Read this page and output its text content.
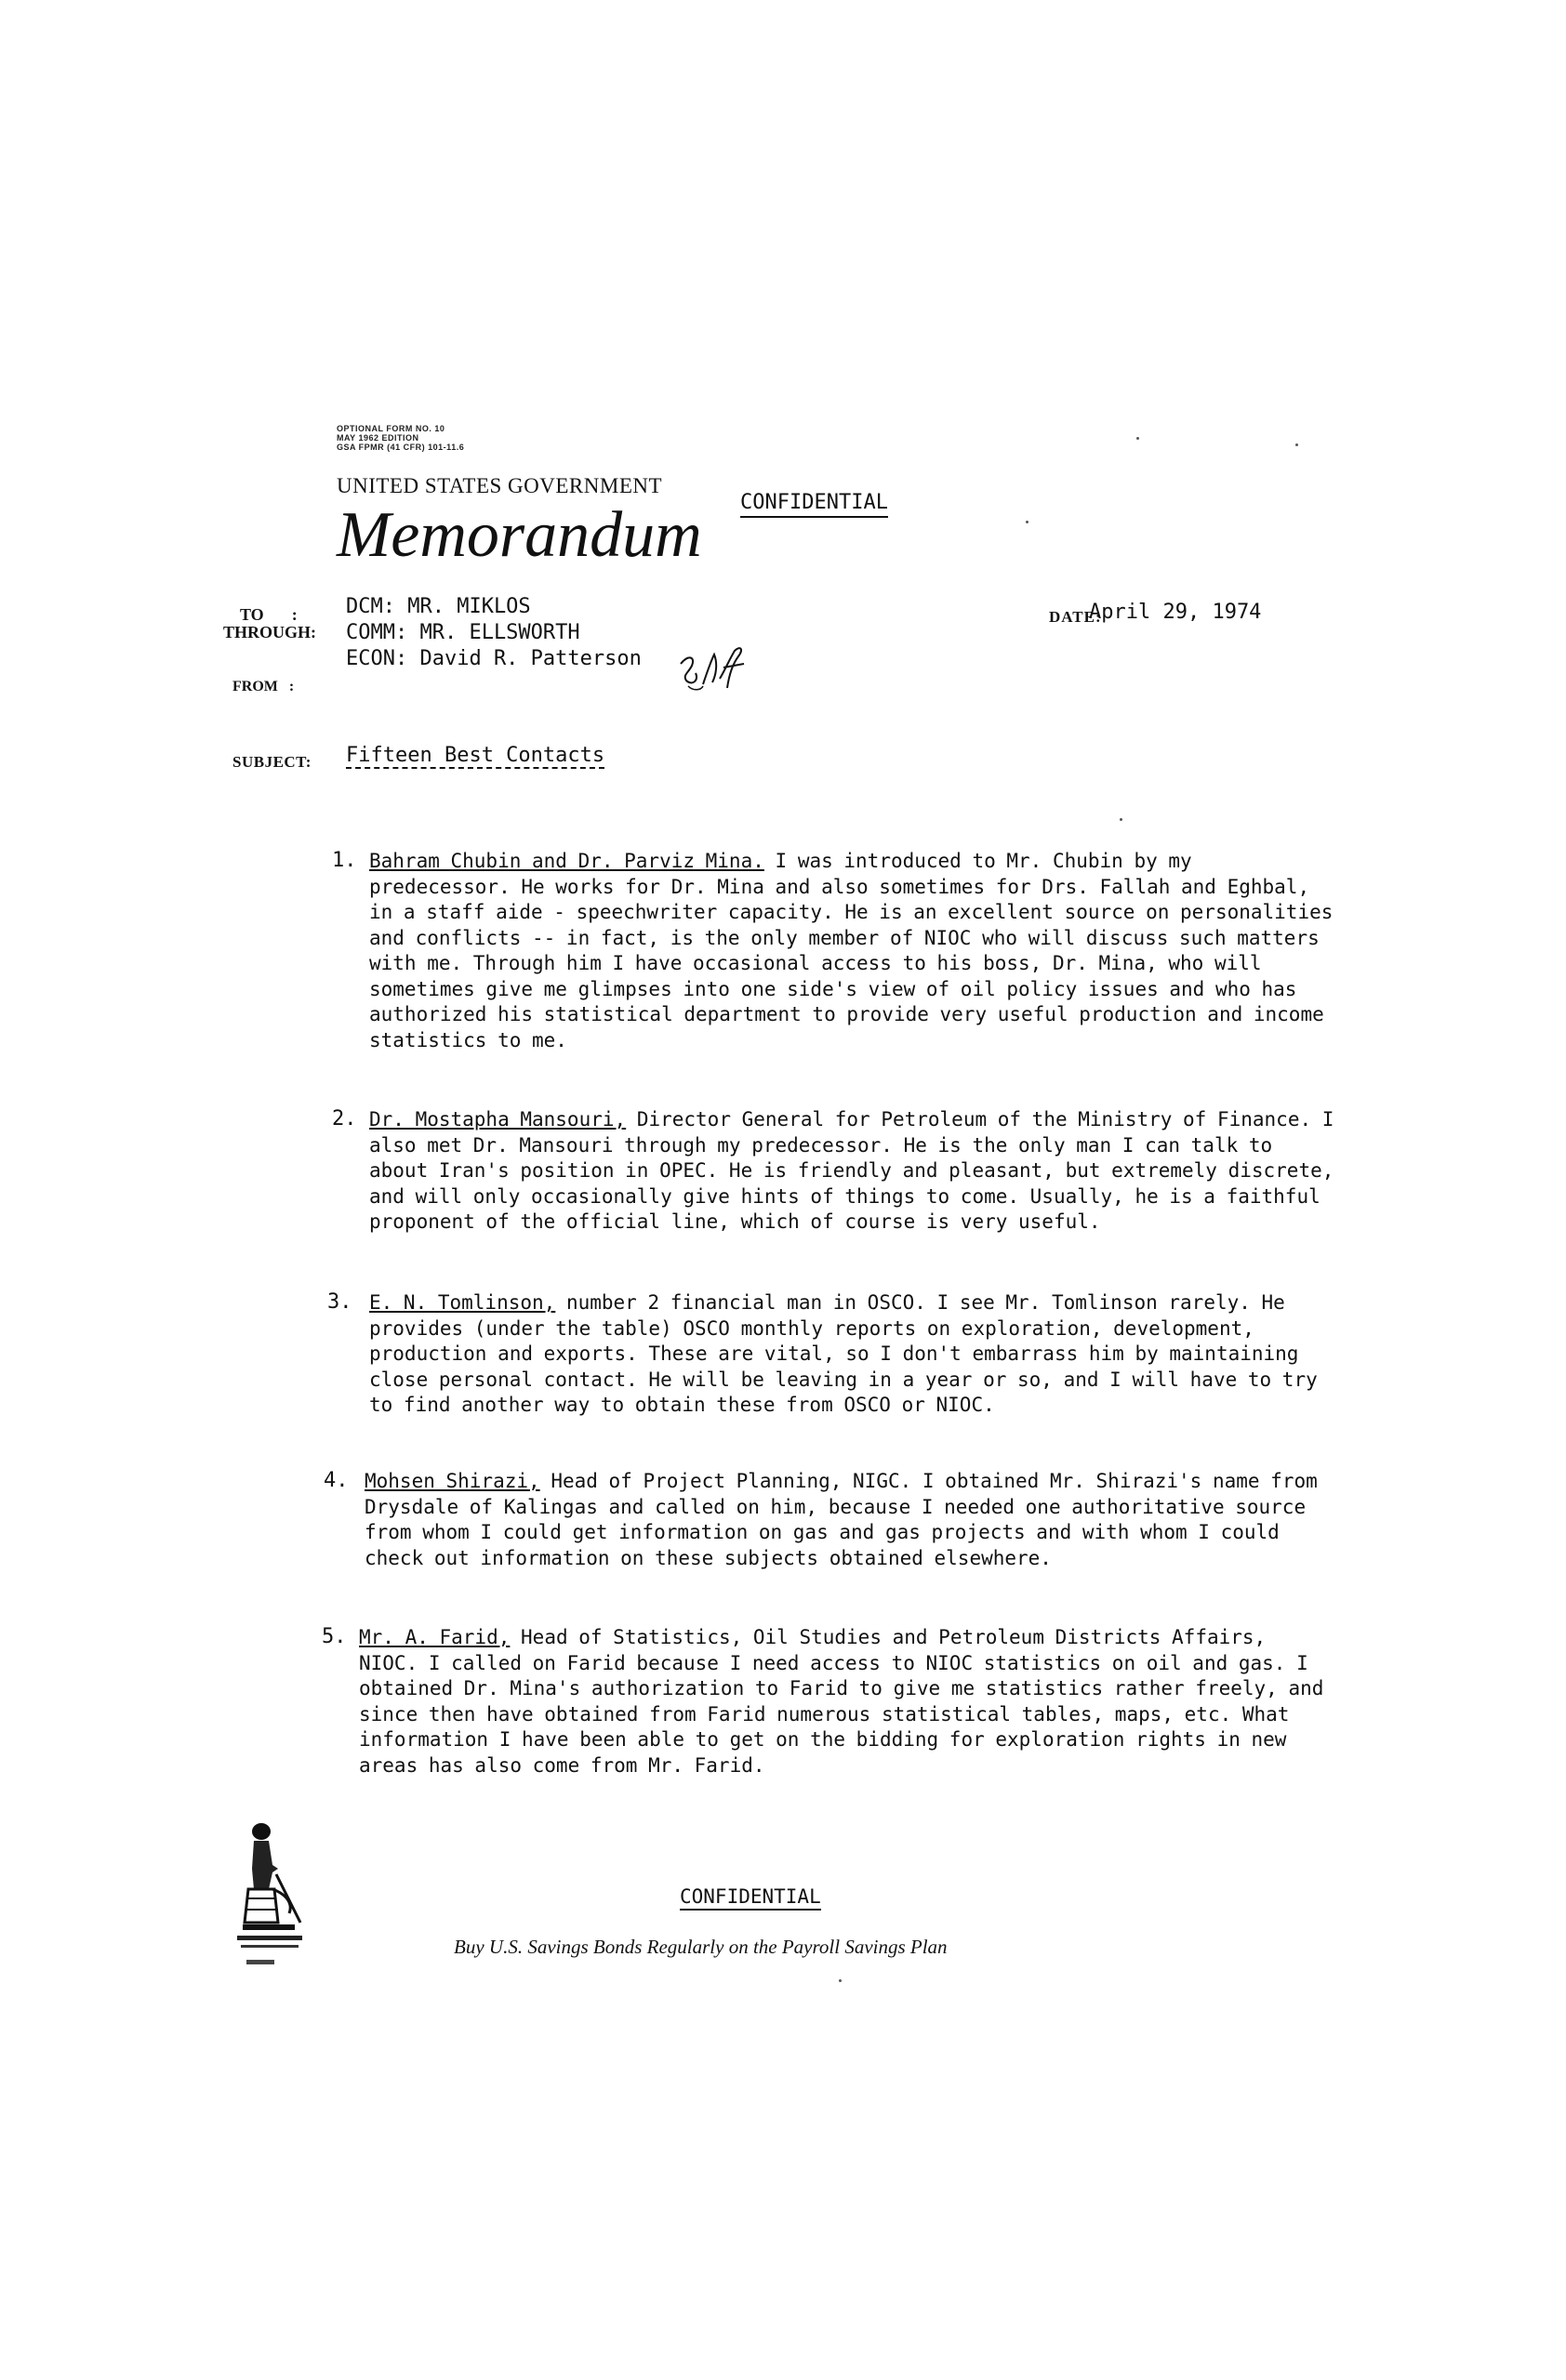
OPTIONAL FORM NO. 10
MAY 1962 EDITION
GSA FPMR (41 CFR) 101-11.6
UNITED STATES GOVERNMENT
Memorandum CONFIDENTIAL
TO :
THROUGH:
FROM :
DCM: MR. MIKLOS
COMM: MR. ELLSWORTH
ECON: David R. Patterson
DATE:
April 29, 1974
SUBJECT: Fifteen Best Contacts
1. Bahram Chubin and Dr. Parviz Mina. I was introduced to Mr. Chubin by my predecessor. He works for Dr. Mina and also sometimes for Drs. Fallah and Eghbal, in a staff aide - speechwriter capacity. He is an excellent source on personalities and conflicts -- in fact, is the only member of NIOC who will discuss such matters with me. Through him I have occasional access to his boss, Dr. Mina, who will sometimes give me glimpses into one side's view of oil policy issues and who has authorized his statistical department to provide very useful production and income statistics to me.
2. Dr. Mostapha Mansouri, Director General for Petroleum of the Ministry of Finance. I also met Dr. Mansouri through my predecessor. He is the only man I can talk to about Iran's position in OPEC. He is friendly and pleasant, but extremely discrete, and will only occasionally give hints of things to come. Usually, he is a faithful proponent of the official line, which of course is very useful.
3. E. N. Tomlinson, number 2 financial man in OSCO. I see Mr. Tomlinson rarely. He provides (under the table) OSCO monthly reports on exploration, development, production and exports. These are vital, so I don't embarrass him by maintaining close personal contact. He will be leaving in a year or so, and I will have to try to find another way to obtain these from OSCO or NIOC.
4. Mohsen Shirazi, Head of Project Planning, NIGC. I obtained Mr. Shirazi's name from Drysdale of Kalingas and called on him, because I needed one authoritative source from whom I could get information on gas and gas projects and with whom I could check out information on these subjects obtained elsewhere.
5. Mr. A. Farid, Head of Statistics, Oil Studies and Petroleum Districts Affairs, NIOC. I called on Farid because I need access to NIOC statistics on oil and gas. I obtained Dr. Mina's authorization to Farid to give me statistics rather freely, and since then have obtained from Farid numerous statistical tables, maps, etc. What information I have been able to get on the bidding for exploration rights in new areas has also come from Mr. Farid.
CONFIDENTIAL
Buy U.S. Savings Bonds Regularly on the Payroll Savings Plan
